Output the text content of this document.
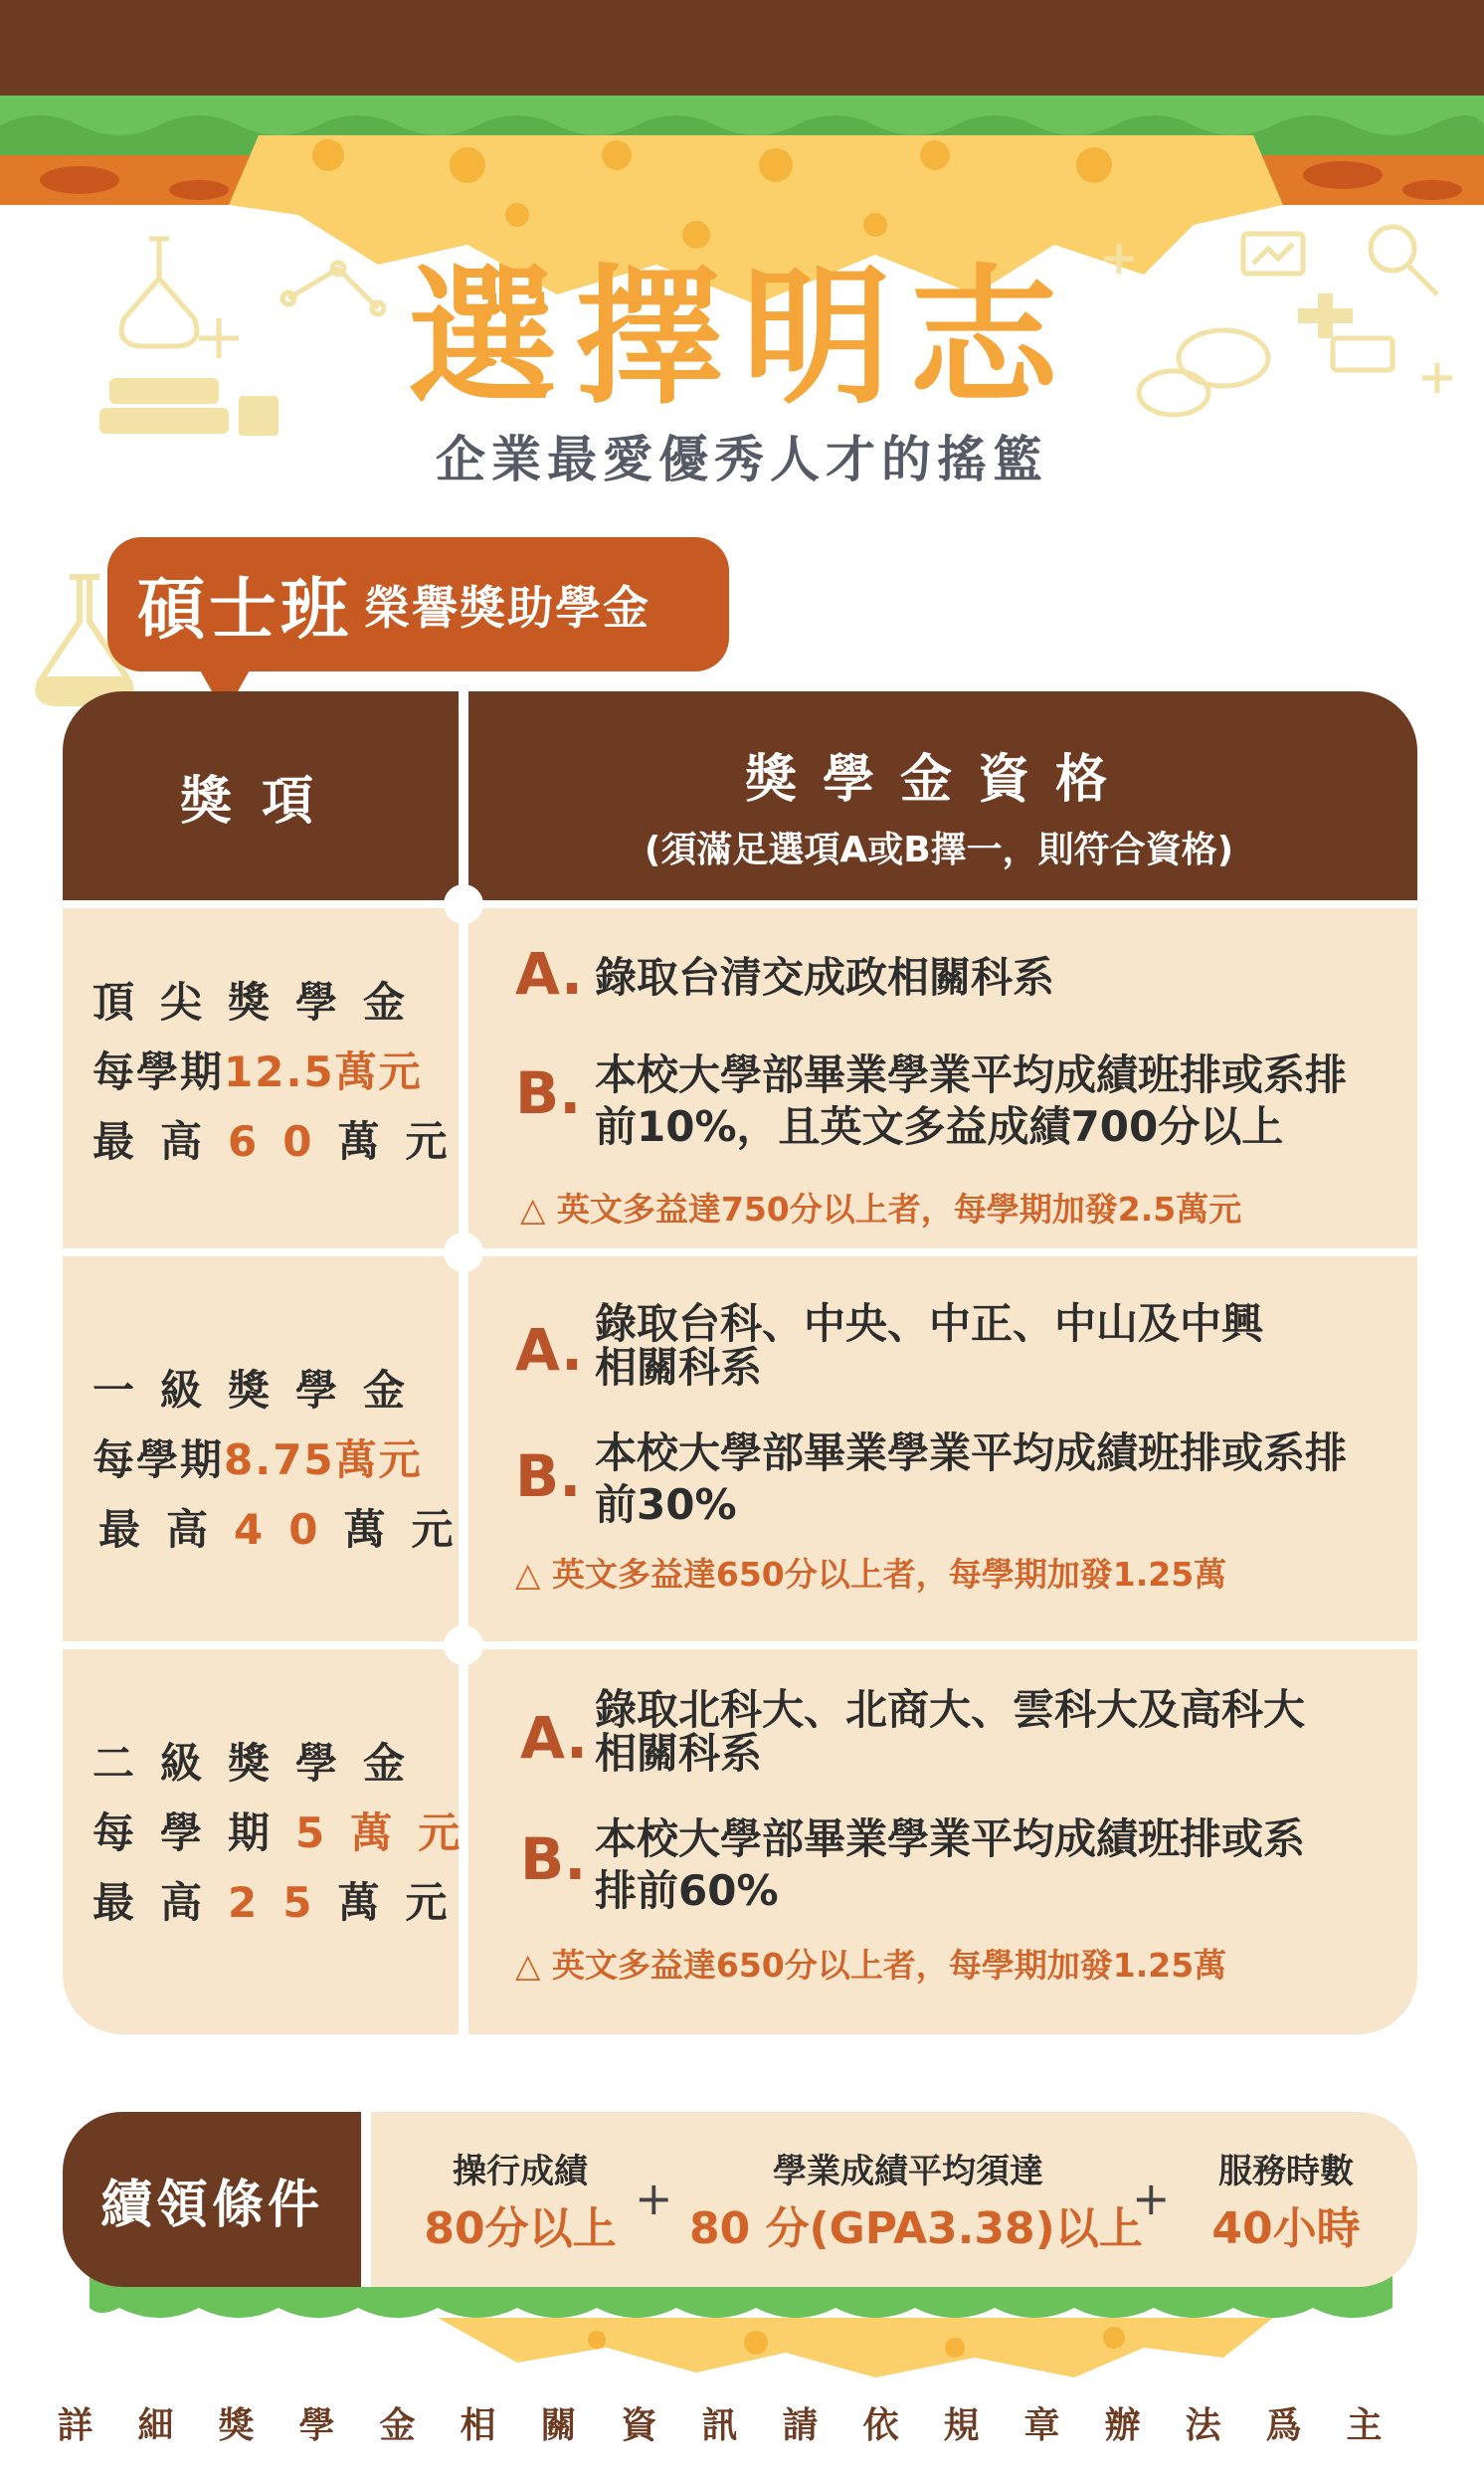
選擇明志
企業最愛優秀人才的搖籃
碩士班 榮譽獎助學金
獎項	獎學金資格
(須滿足選項A或B擇一，則符合資格)
頂尖獎學金
每學期12.5萬元
最高60萬元
A. 錄取台清交成政相關科系
B. 本校大學部畢業學業平均成績班排或系排
前10%，且英文多益成績700分以上
△ 英文多益達750分以上者，每學期加發2.5萬元
一級獎學金
每學期8.75萬元
最高40萬元
A. 錄取台科、中央、中正、中山及中興
相關科系
B. 本校大學部畢業學業平均成績班排或系排
前30%
△ 英文多益達650分以上者，每學期加發1.25萬
二級獎學金
每學期5萬元
最高25萬元
A. 錄取北科大、北商大、雲科大及高科大
相關科系
B. 本校大學部畢業學業平均成績班排或系
排前60%
△ 英文多益達650分以上者，每學期加發1.25萬
續領條件
操行成績
80分以上
+	學業成績平均須達
80 分(GPA3.38)以上
+	服務時數
40小時
詳細獎學金相關資訊請依規章辦法爲主
